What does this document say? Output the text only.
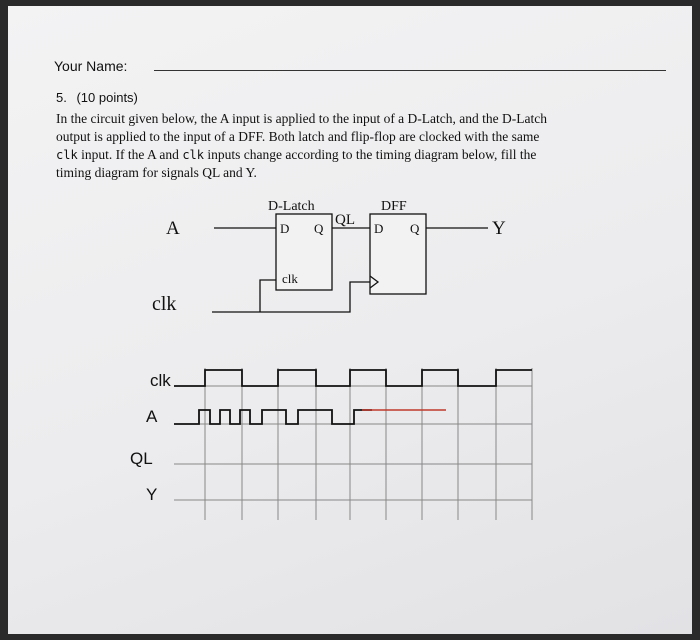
Your Name:
5. (10 points)
In the circuit given below, the A input is applied to the input of a D-Latch, and the D-Latch
output is applied to the input of a DFF. Both latch and flip-flop are clocked with the same
clk input. If the A and clk inputs change according to the timing diagram below, fill the
timing diagram for signals QL and Y.
A
clk
Y
QL
D-Latch
D Q
clk
DFF
D Q
clk
A
QL
Y
